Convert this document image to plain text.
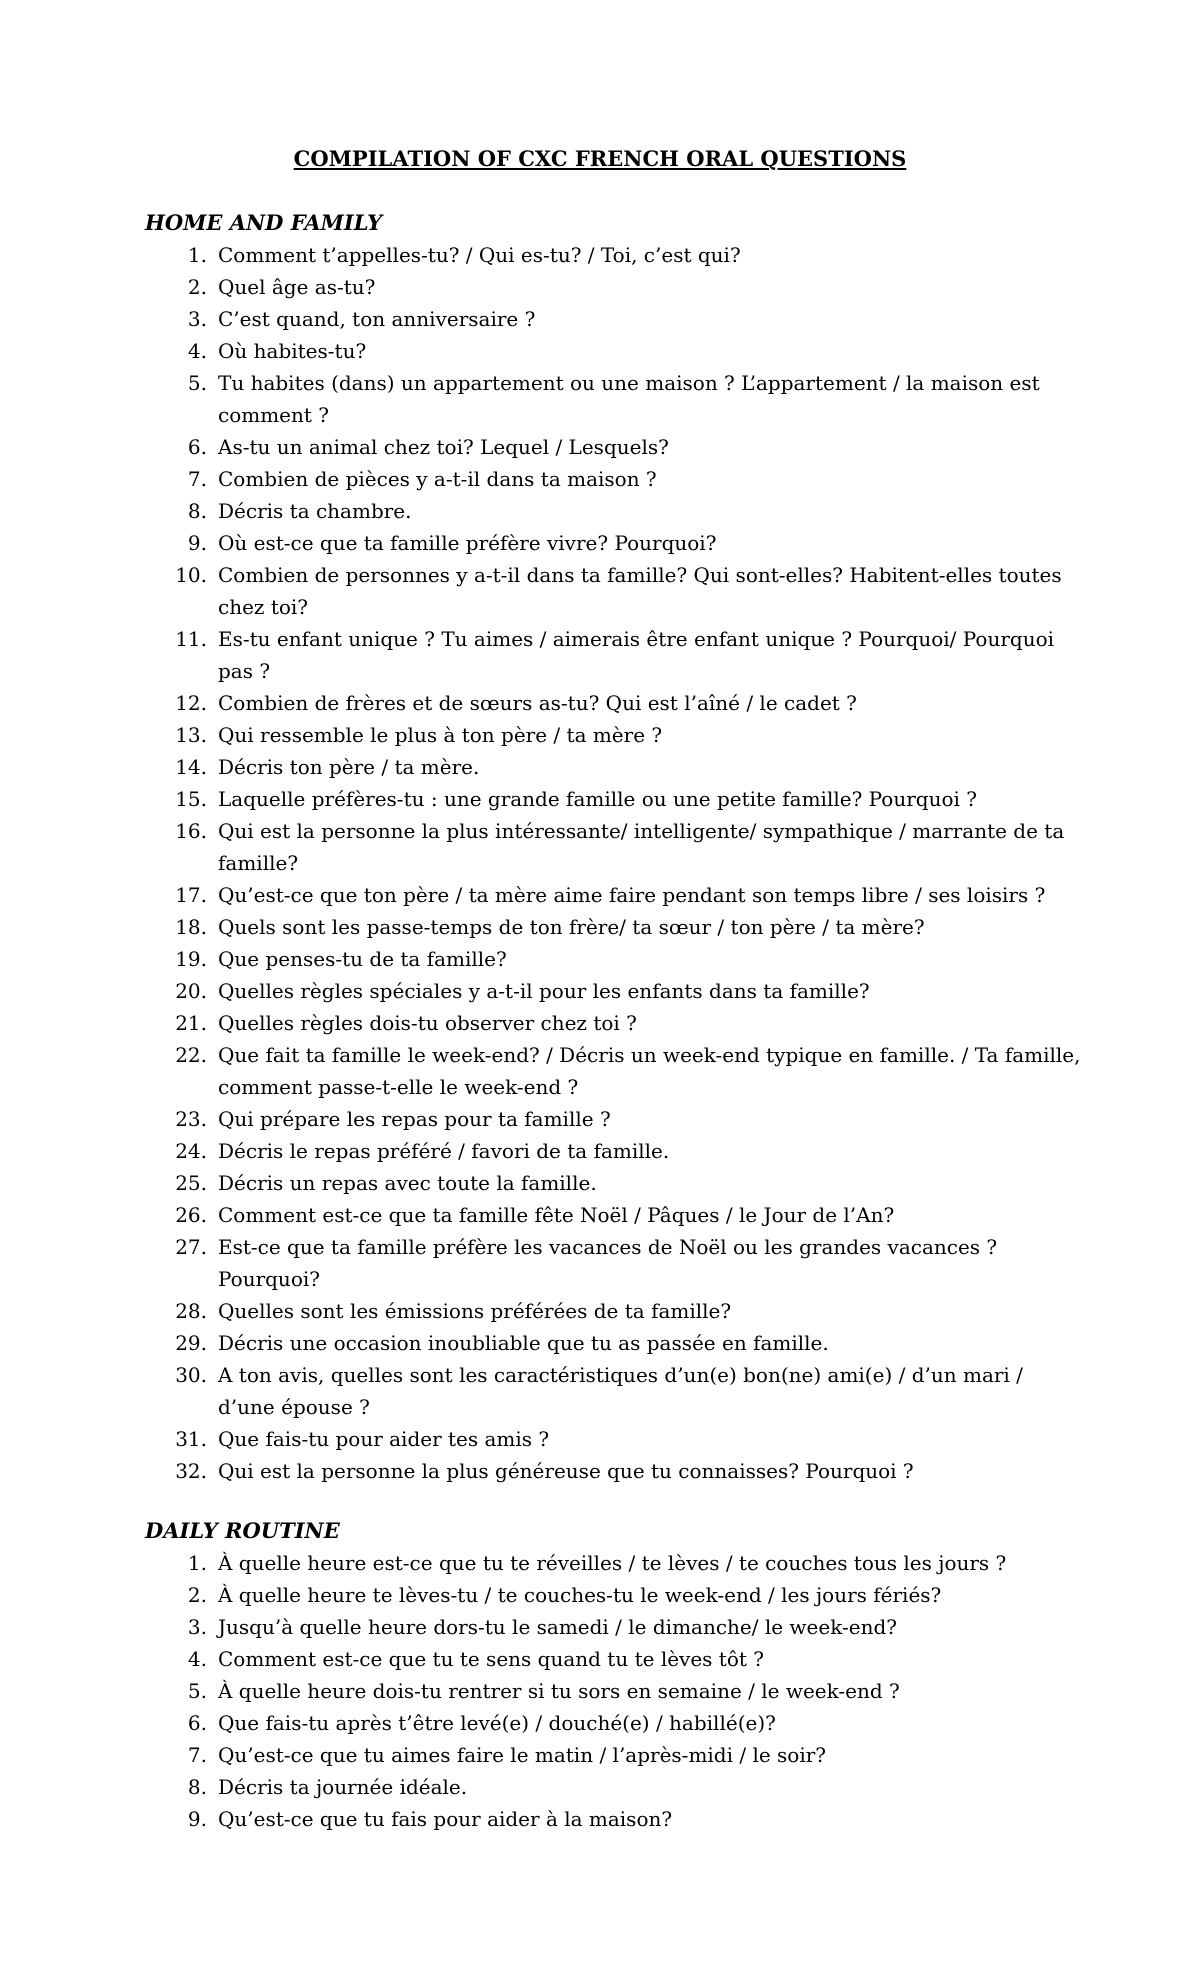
COMPILATION OF CXC FRENCH ORAL QUESTIONS
HOME AND FAMILY
1. Comment t’appelles-tu? / Qui es-tu? / Toi, c’est qui?
2. Quel âge as-tu?
3. C’est quand, ton anniversaire ?
4. Où habites-tu?
5. Tu habites (dans) un appartement ou une maison ? L’appartement / la maison est comment ?
6. As-tu un animal chez toi? Lequel / Lesquels?
7. Combien de pièces y a-t-il dans ta maison ?
8. Décris ta chambre.
9. Où est-ce que ta famille préfère vivre? Pourquoi?
10. Combien de personnes y a-t-il dans ta famille? Qui sont-elles? Habitent-elles toutes chez toi?
11. Es-tu enfant unique ? Tu aimes / aimerais être enfant unique ? Pourquoi/ Pourquoi pas ?
12. Combien de frères et de sœurs as-tu? Qui est l’aîné / le cadet ?
13. Qui ressemble le plus à ton père / ta mère ?
14. Décris ton père / ta mère.
15. Laquelle préfères-tu : une grande famille ou une petite famille? Pourquoi ?
16. Qui est la personne la plus intéressante/ intelligente/ sympathique / marrante de ta famille?
17. Qu’est-ce que ton père / ta mère aime faire pendant son temps libre / ses loisirs ?
18. Quels sont les passe-temps de ton frère/ ta sœur / ton père / ta mère?
19. Que penses-tu de ta famille?
20. Quelles règles spéciales y a-t-il pour les enfants dans ta famille?
21. Quelles règles dois-tu observer chez toi ?
22. Que fait ta famille le week-end? / Décris un week-end typique en famille. / Ta famille, comment passe-t-elle le week-end ?
23. Qui prépare les repas pour ta famille ?
24. Décris le repas préféré / favori de ta famille.
25. Décris un repas avec toute la famille.
26. Comment est-ce que ta famille fête Noël / Pâques / le Jour de l’An?
27. Est-ce que ta famille préfère les vacances de Noël ou les grandes vacances ? Pourquoi?
28. Quelles sont les émissions préférées de ta famille?
29. Décris une occasion inoubliable que tu as passée en famille.
30. A ton avis, quelles sont les caractéristiques d’un(e) bon(ne) ami(e) / d’un mari / d’une épouse ?
31. Que fais-tu pour aider tes amis ?
32. Qui est la personne la plus généreuse que tu connaisses? Pourquoi ?
DAILY ROUTINE
1. À quelle heure est-ce que tu te réveilles / te lèves / te couches tous les jours ?
2. À quelle heure te lèves-tu / te couches-tu le week-end / les jours fériés?
3. Jusqu’à quelle heure dors-tu le samedi / le dimanche/ le week-end?
4. Comment est-ce que tu te sens quand tu te lèves tôt ?
5. À quelle heure dois-tu rentrer si tu sors en semaine / le week-end ?
6. Que fais-tu après t’être levé(e) / douché(e) / habillé(e)?
7. Qu’est-ce que tu aimes faire le matin / l’après-midi / le soir?
8. Décris ta journée idéale.
9. Qu’est-ce que tu fais pour aider à la maison?
